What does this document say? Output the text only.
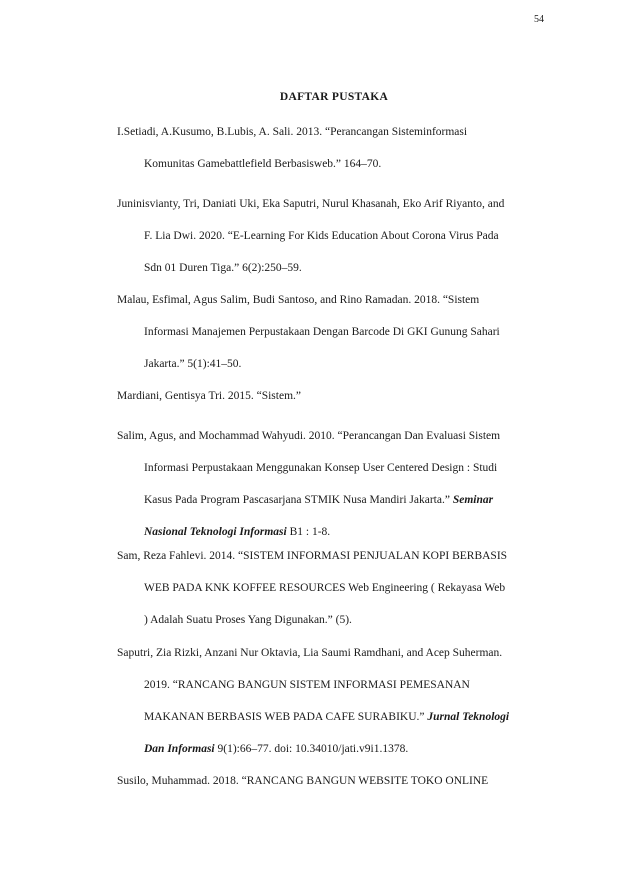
54
DAFTAR PUSTAKA
I.Setiadi, A.Kusumo, B.Lubis, A. Sali. 2013. “Perancangan Sisteminformasi
Komunitas Gamebattlefield Berbasisweb.” 164–70.
Juninisvianty, Tri, Daniati Uki, Eka Saputri, Nurul Khasanah, Eko Arif Riyanto, and
F. Lia Dwi. 2020. “E-Learning For Kids Education About Corona Virus Pada
Sdn 01 Duren Tiga.” 6(2):250–59.
Malau, Esfimal, Agus Salim, Budi Santoso, and Rino Ramadan. 2018. “Sistem
Informasi Manajemen Perpustakaan Dengan Barcode Di GKI Gunung Sahari
Jakarta.” 5(1):41–50.
Mardiani, Gentisya Tri. 2015. “Sistem.”
Salim, Agus, and Mochammad Wahyudi. 2010. “Perancangan Dan Evaluasi Sistem
Informasi Perpustakaan Menggunakan Konsep User Centered Design : Studi
Kasus Pada Program Pascasarjana STMIK Nusa Mandiri Jakarta.” Seminar
Nasional Teknologi Informasi B1 : 1-8.
Sam, Reza Fahlevi. 2014. “SISTEM INFORMASI PENJUALAN KOPI BERBASIS
WEB PADA KNK KOFFEE RESOURCES Web Engineering ( Rekayasa Web
) Adalah Suatu Proses Yang Digunakan.” (5).
Saputri, Zia Rizki, Anzani Nur Oktavia, Lia Saumi Ramdhani, and Acep Suherman.
2019. “RANCANG BANGUN SISTEM INFORMASI PEMESANAN
MAKANAN BERBASIS WEB PADA CAFE SURABIKU.” Jurnal Teknologi
Dan Informasi 9(1):66–77. doi: 10.34010/jati.v9i1.1378.
Susilo, Muhammad. 2018. “RANCANG BANGUN WEBSITE TOKO ONLINE
